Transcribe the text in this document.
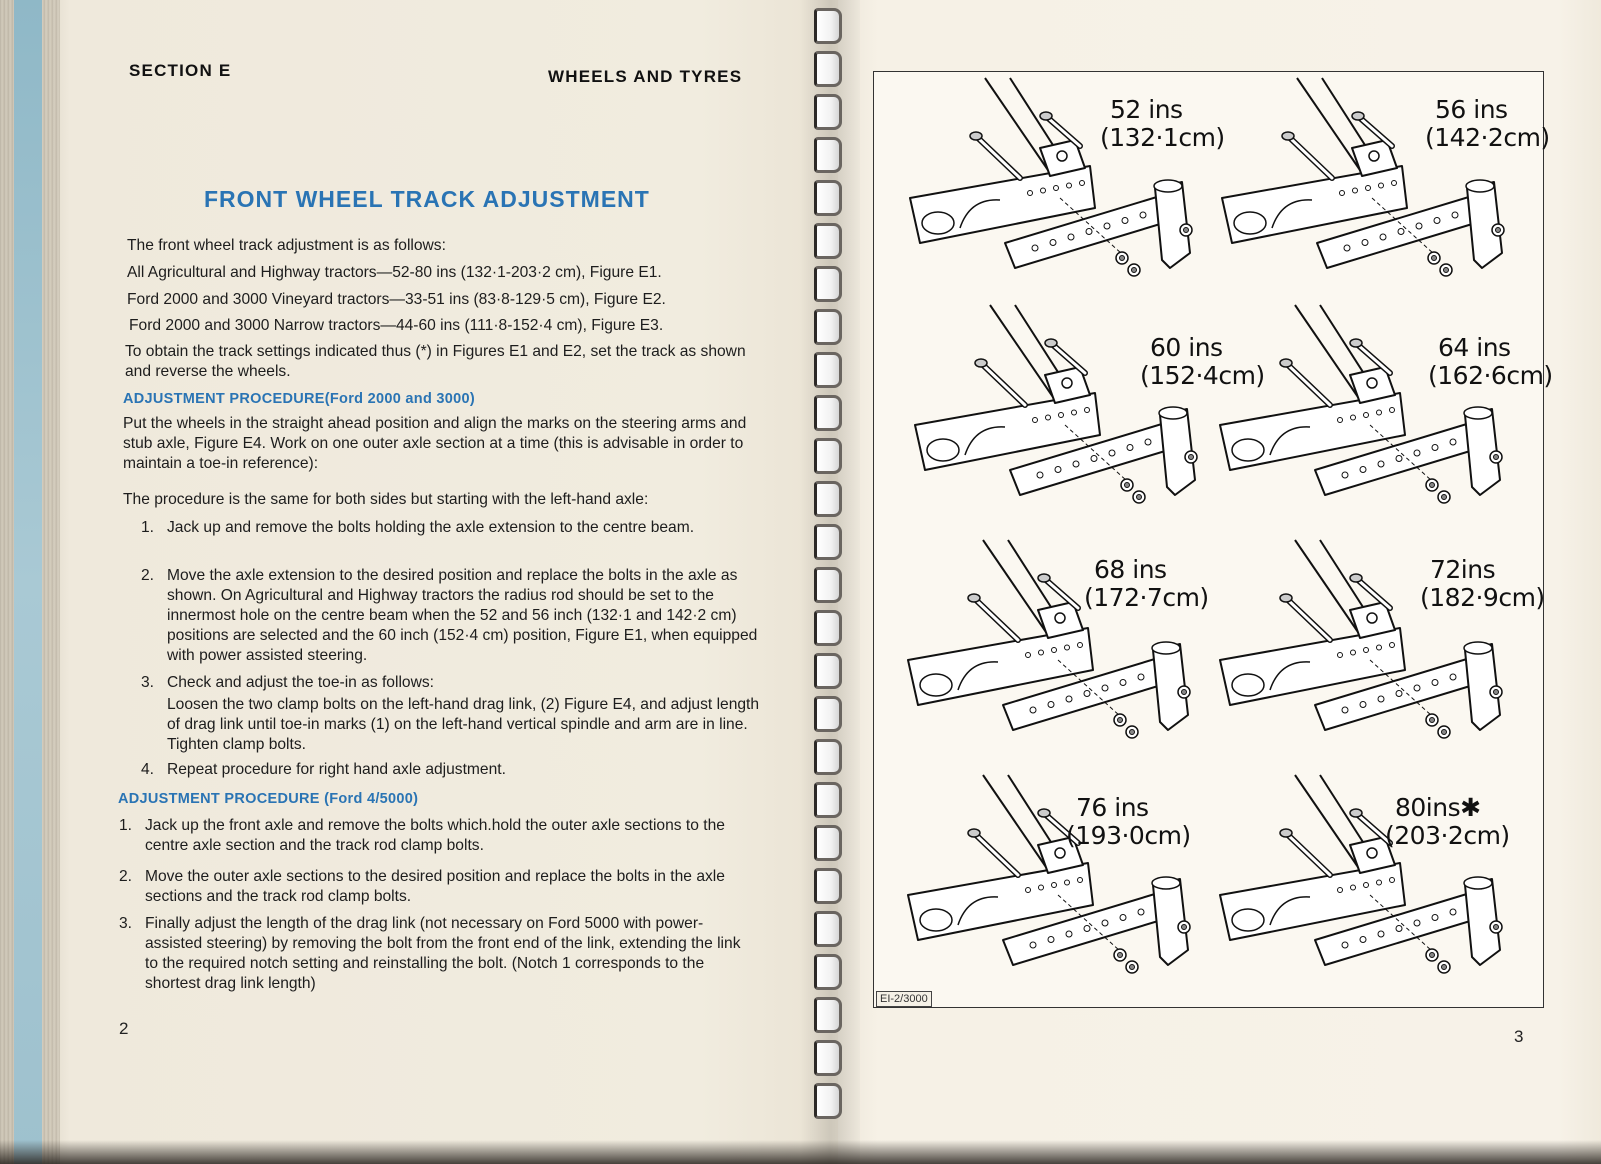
SECTION E	WHEELS AND TYRES
FRONT WHEEL TRACK ADJUSTMENT

The front wheel track adjustment is as follows:

All Agricultural and Highway tractors—52-80 ins (132·1-203·2 cm), Figure E1.

Ford 2000 and 3000 Vineyard tractors—33-51 ins (83·8-129·5 cm), Figure E2.

Ford 2000 and 3000 Narrow tractors—44-60 ins (111·8-152·4 cm), Figure E3.

To obtain the track settings indicated thus (*) in Figures E1 and E2, set the track as shown and reverse the wheels.

ADJUSTMENT PROCEDURE(Ford 2000 and 3000)

Put the wheels in the straight ahead position and align the marks on the steering arms and stub axle, Figure E4. Work on one outer axle section at a time (this is advisable in order to maintain a toe-in reference):

The procedure is the same for both sides but starting with the left-hand axle:

1. Jack up and remove the bolts holding the axle extension to the centre beam.
2. Move the axle extension to the desired position and replace the bolts in the axle as shown. On Agricultural and Highway tractors the radius rod should be set to the innermost hole on the centre beam when the 52 and 56 inch (132·1 and 142·2 cm) positions are selected and the 60 inch (152·4 cm) position, Figure E1, when equipped with power assisted steering.
3. Check and adjust the toe-in as follows:
Loosen the two clamp bolts on the left-hand drag link, (2) Figure E4, and adjust length of drag link until toe-in marks (1) on the left-hand vertical spindle and arm are in line. Tighten clamp bolts.
4. Repeat procedure for right hand axle adjustment.
ADJUSTMENT PROCEDURE (Ford 4/5000)
1. Jack up the front axle and remove the bolts which.hold the outer axle sections to the centre axle section and the track rod clamp bolts.
2. Move the outer axle sections to the desired position and replace the bolts in the axle sections and the track rod clamp bolts.
3. Finally adjust the length of the drag link (not necessary on Ford 5000 with power-assisted steering) by removing the bolt from the front end of the link, extending the link to the required notch setting and reinstalling the bolt. (Notch 1 corresponds to the shortest drag link length)
2
52 ins
(132·1cm)
56 ins
(142·2cm)
60 ins
(152·4cm)
64 ins
(162·6cm)
68 ins
(172·7cm)
72ins
(182·9cm)
76 ins
(193·0cm)
80ins✱
(203·2cm)
EI-2/3000
3
